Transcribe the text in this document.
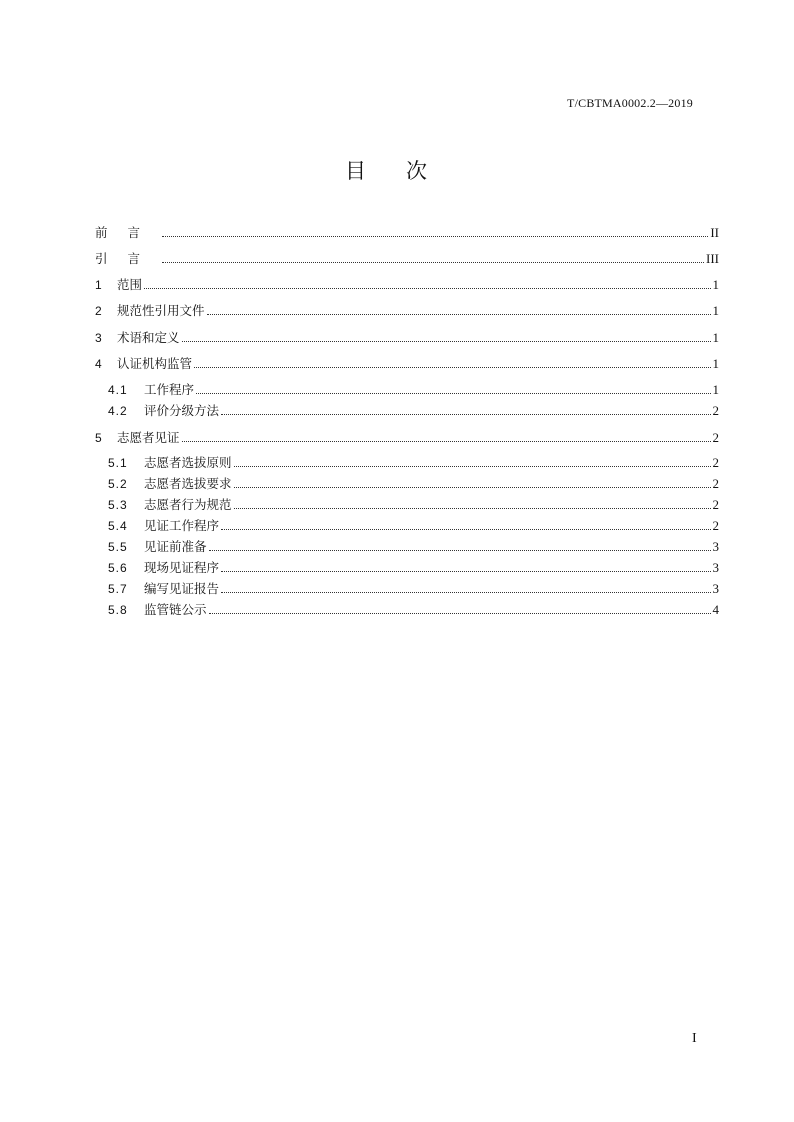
T/CBTMA0002.2—2019
目次
前言	II
引言	III
1	范围	1
2	规范性引用文件	1
3	术语和定义	1
4	认证机构监管	1
4.1	工作程序	1
4.2	评价分级方法	2
5	志愿者见证	2
5.1	志愿者选拔原则	2
5.2	志愿者选拔要求	2
5.3	志愿者行为规范	2
5.4	见证工作程序	2
5.5	见证前准备	3
5.6	现场见证程序	3
5.7	编写见证报告	3
5.8	监管链公示	4
I
